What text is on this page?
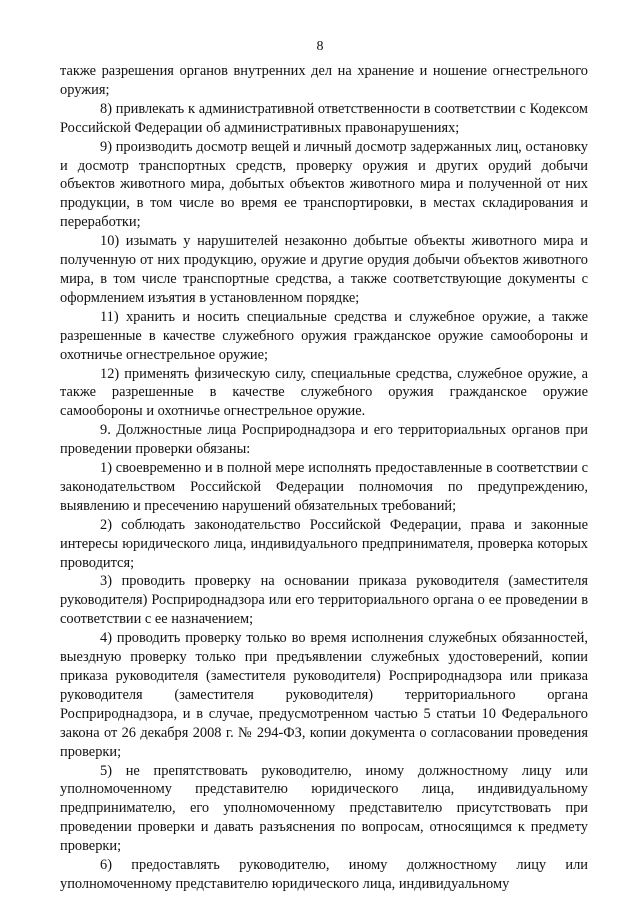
8

также разрешения органов внутренних дел на хранение и ношение огнестрельного оружия;

8) привлекать к административной ответственности в соответствии с Кодексом Российской Федерации об административных правонарушениях;

9) производить досмотр вещей и личный досмотр задержанных лиц, остановку и досмотр транспортных средств, проверку оружия и других орудий добычи объектов животного мира, добытых объектов животного мира и полученной от них продукции, в том числе во время ее транспортировки, в местах складирования и переработки;

10) изымать у нарушителей незаконно добытые объекты животного мира и полученную от них продукцию, оружие и другие орудия добычи объектов животного мира, в том числе транспортные средства, а также соответствующие документы с оформлением изъятия в установленном порядке;

11) хранить и носить специальные средства и служебное оружие, а также разрешенные в качестве служебного оружия гражданское оружие самообороны и охотничье огнестрельное оружие;

12) применять физическую силу, специальные средства, служебное оружие, а также разрешенные в качестве служебного оружия гражданское оружие самообороны и охотничье огнестрельное оружие.

9. Должностные лица Росприроднадзора и его территориальных органов при проведении проверки обязаны:

1) своевременно и в полной мере исполнять предоставленные в соответствии с законодательством Российской Федерации полномочия по предупреждению, выявлению и пресечению нарушений обязательных требований;

2) соблюдать законодательство Российской Федерации, права и законные интересы юридического лица, индивидуального предпринимателя, проверка которых проводится;

3) проводить проверку на основании приказа руководителя (заместителя руководителя) Росприроднадзора или его территориального органа о ее проведении в соответствии с ее назначением;

4) проводить проверку только во время исполнения служебных обязанностей, выездную проверку только при предъявлении служебных удостоверений, копии приказа руководителя (заместителя руководителя) Росприроднадзора или приказа руководителя (заместителя руководителя) территориального органа Росприроднадзора, и в случае, предусмотренном частью 5 статьи 10 Федерального закона от 26 декабря 2008 г. № 294-ФЗ, копии документа о согласовании проведения проверки;

5) не препятствовать руководителю, иному должностному лицу или уполномоченному представителю юридического лица, индивидуальному предпринимателю, его уполномоченному представителю присутствовать при проведении проверки и давать разъяснения по вопросам, относящимся к предмету проверки;

6) предоставлять руководителю, иному должностному лицу или уполномоченному представителю юридического лица, индивидуальному
